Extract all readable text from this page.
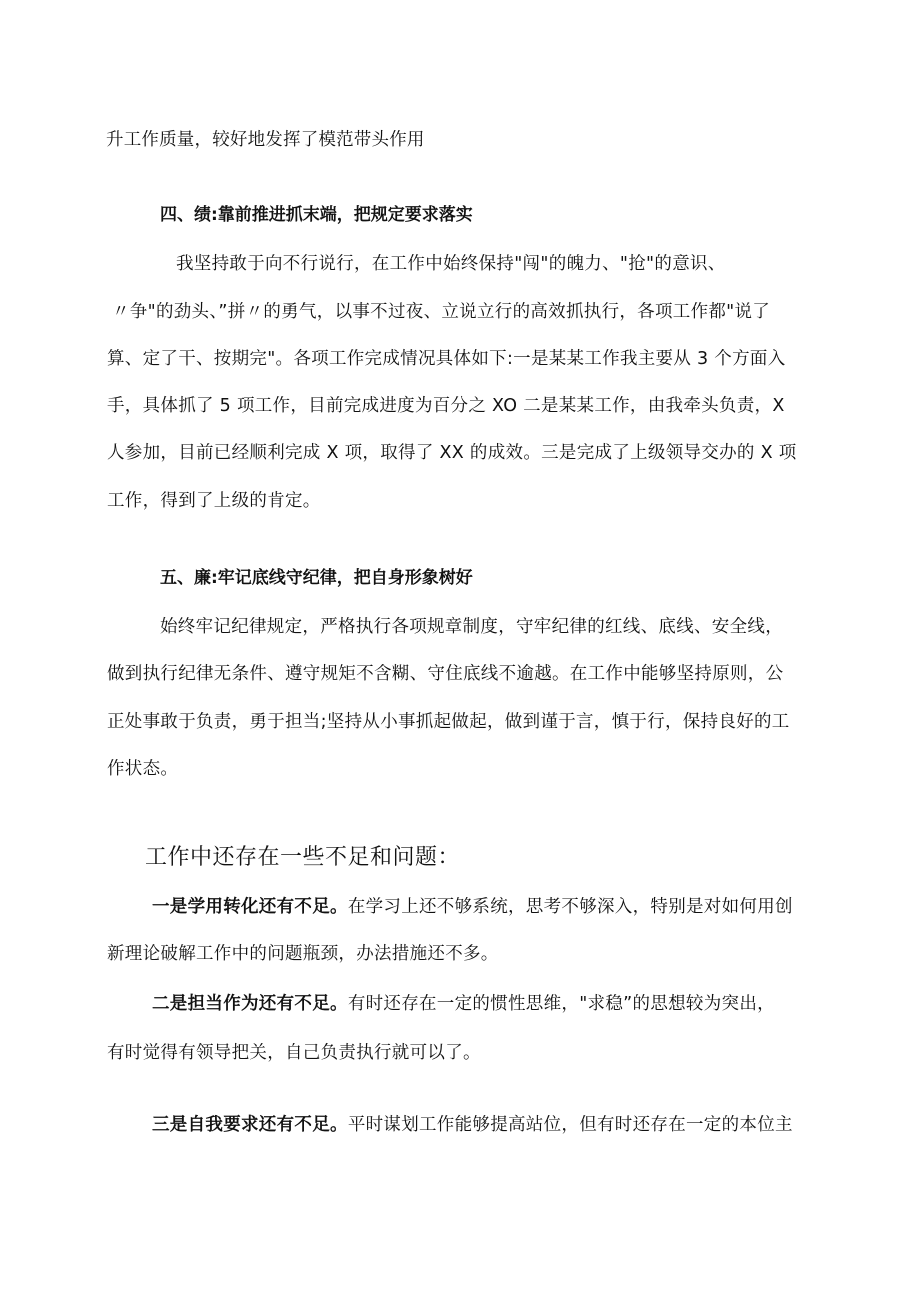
升工作质量，较好地发挥了模范带头作用
四、绩:靠前推进抓末端，把规定要求落实
我坚持敢于向不行说行，在工作中始终保持"闯"的魄力、"抢"的意识、
〃争"的劲头、”拼〃的勇气，以事不过夜、立说立行的高效抓执行，各项工作都"说了
算、定了干、按期完"。各项工作完成情况具体如下:一是某某工作我主要从 3 个方面入
手，具体抓了 5 项工作，目前完成进度为百分之 XO 二是某某工作，由我牵头负责，X
人参加，目前已经顺利完成 X 项，取得了 XX 的成效。三是完成了上级领导交办的 X 项
工作，得到了上级的肯定。
五、廉:牢记底线守纪律，把自身形象树好
始终牢记纪律规定，严格执行各项规章制度，守牢纪律的红线、底线、安全线，
做到执行纪律无条件、遵守规矩不含糊、守住底线不逾越。在工作中能够坚持原则，公
正处事敢于负责，勇于担当;坚持从小事抓起做起，做到谨于言，慎于行，保持良好的工
作状态。
工作中还存在一些不足和问题：
一是学用转化还有不足。在学习上还不够系统，思考不够深入，特别是对如何用创
新理论破解工作中的问题瓶颈，办法措施还不多。
二是担当作为还有不足。有时还存在一定的惯性思维，"求稳”的思想较为突出，
有时觉得有领导把关，自己负责执行就可以了。
三是自我要求还有不足。平时谋划工作能够提高站位，但有时还存在一定的本位主
